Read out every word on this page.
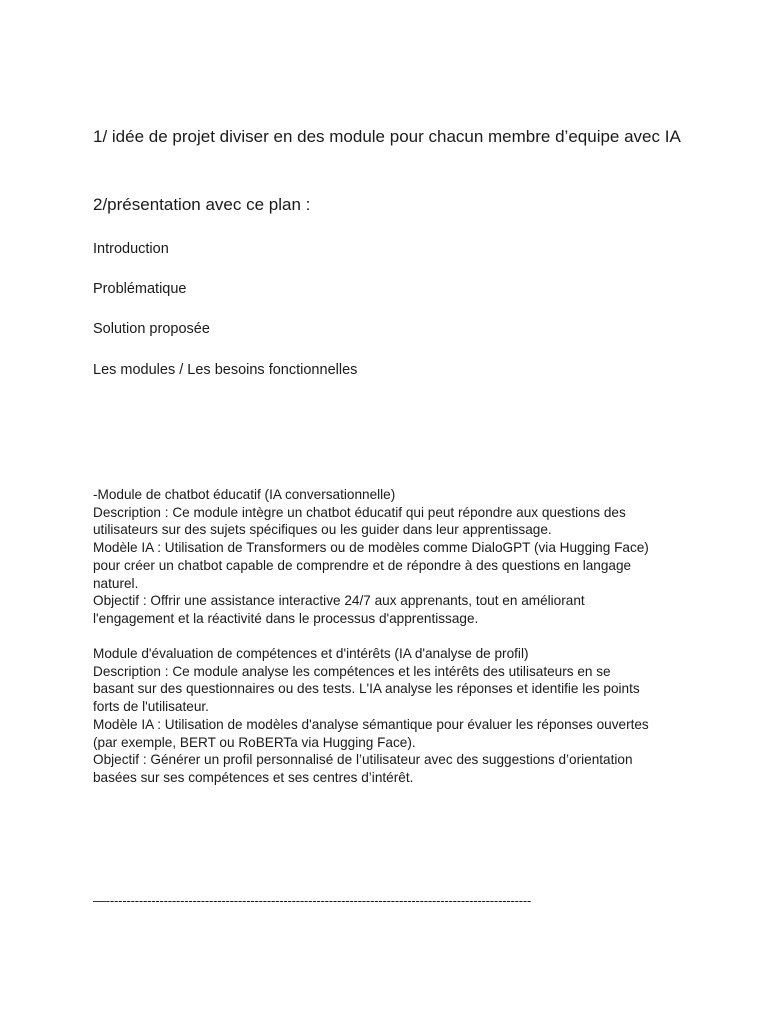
1/ idée de projet diviser en des module pour chacun membre d’equipe avec IA

2/présentation avec ce plan :

Introduction

Problématique

Solution proposée

Les modules / Les besoins fonctionnelles

-Module de chatbot éducatif (IA conversationnelle)
Description : Ce module intègre un chatbot éducatif qui peut répondre aux questions des
utilisateurs sur des sujets spécifiques ou les guider dans leur apprentissage.
Modèle IA : Utilisation de Transformers ou de modèles comme DialoGPT (via Hugging Face)
pour créer un chatbot capable de comprendre et de répondre à des questions en langage
naturel.
Objectif : Offrir une assistance interactive 24/7 aux apprenants, tout en améliorant
l'engagement et la réactivité dans le processus d'apprentissage.
Module d'évaluation de compétences et d'intérêts (IA d'analyse de profil)
Description : Ce module analyse les compétences et les intérêts des utilisateurs en se
basant sur des questionnaires ou des tests. L'IA analyse les réponses et identifie les points
forts de l'utilisateur.
Modèle IA : Utilisation de modèles d'analyse sémantique pour évaluer les réponses ouvertes
(par exemple, BERT ou RoBERTa via Hugging Face).
Objectif : Générer un profil personnalisé de l’utilisateur avec des suggestions d’orientation
basées sur ses compétences et ses centres d’intérêt.
—-------------------------------------------------------------------------------------------------------
